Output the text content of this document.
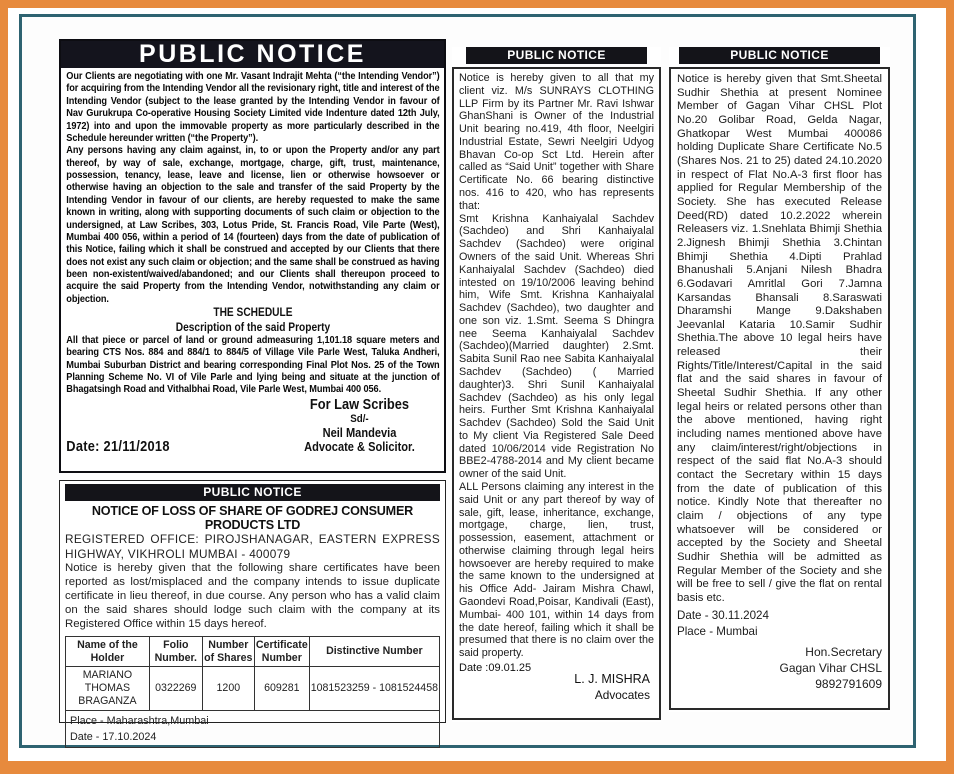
PUBLIC NOTICE

Our Clients are negotiating with one Mr. Vasant Indrajit Mehta (“the Intending Vendor”) for acquiring from the Intending Vendor all the revisionary right, title and interest of the Intending Vendor (subject to the lease granted by the Intending Vendor in favour of Nav Gurukrupa Co-operative Housing Society Limited vide Indenture dated 12th July, 1972) into and upon the immovable property as more particularly described in the Schedule hereunder written (“the Property”).

Any persons having any claim against, in, to or upon the Property and/or any part thereof, by way of sale, exchange, mortgage, charge, gift, trust, maintenance, possession, tenancy, lease, leave and license, lien or otherwise howsoever or otherwise having an objection to the sale and transfer of the said Property by the Intending Vendor in favour of our clients, are hereby requested to make the same known in writing, along with supporting documents of such claim or objection to the undersigned, at Law Scribes, 303, Lotus Pride, St. Francis Road, Vile Parte (West), Mumbai 400 056, within a period of 14 (fourteen) days from the date of publication of this Notice, failing which it shall be construed and accepted by our Clients that there does not exist any such claim or objection; and the same shall be construed as having been non-existent/waived/abandoned; and our Clients shall thereupon proceed to acquire the said Property from the Intending Vendor, notwithstanding any claim or objection.

THE SCHEDULE
Description of the said Property

All that piece or parcel of land or ground admeasuring 1,101.18 square meters and bearing CTS Nos. 884 and 884/1 to 884/5 of Village Vile Parle West, Taluka Andheri, Mumbai Suburban District and bearing corresponding Final Plot Nos. 25 of the Town Planning Scheme No. VI of Vile Parle and lying being and situate at the junction of Bhagatsingh Road and Vithalbhai Road, Vile Parle West, Mumbai 400 056.

Date: 21/11/2018
For Law Scribes
Sd/-
Neil Mandevia
Advocate & Solicitor.
PUBLIC NOTICE
NOTICE OF LOSS OF SHARE OF GODREJ CONSUMER PRODUCTS LTD
REGISTERED OFFICE: PIROJSHANAGAR, EASTERN EXPRESS HIGHWAY, VIKHROLI MUMBAI - 400079

Notice is hereby given that the following share certificates have been reported as lost/misplaced and the company intends to issue duplicate certificate in lieu thereof, in due course. Any person who has a valid claim on the said shares should lodge such claim with the company at its Registered Office within 15 days hereof.

Name of the Holder	Folio Number.	Number of Shares	Certificate Number	Distinctive Number
MARIANO THOMAS BRAGANZA	0322269	1200	609281	1081523259 - 1081524458

Place - Maharashtra,Mumbai
Date - 17.10.2024				
PUBLIC NOTICE

Notice is hereby given to all that my client viz. M/s SUNRAYS CLOTHING LLP Firm by its Partner Mr. Ravi Ishwar GhanShani is Owner of the Industrial Unit bearing no.419, 4th floor, Neelgiri Industrial Estate, Sewri Neelgiri Udyog Bhavan Co-op Sct Ltd. Herein after called as “Said Unit” together with Share Certificate No. 66 bearing distinctive nos. 416 to 420, who has represents that:

Smt Krishna Kanhaiyalal Sachdev (Sachdeo) and Shri Kanhaiyalal Sachdev (Sachdeo) were original Owners of the said Unit. Whereas Shri Kanhaiyalal Sachdev (Sachdeo) died intested on 19/10/2006 leaving behind him, Wife Smt. Krishna Kanhaiyalal Sachdev (Sachdeo), two daughter and one son viz. 1.Smt. Seema S Dhingra nee Seema Kanhaiyalal Sachdev (Sachdeo)(Married daughter) 2.Smt. Sabita Sunil Rao nee Sabita Kanhaiyalal Sachdev (Sachdeo) ( Married daughter)3. Shri Sunil Kanhaiyalal Sachdev (Sachdeo) as his only legal heirs. Further Smt Krishna Kanhaiyalal Sachdev (Sachdeo) Sold the Said Unit to My client Via Registered Sale Deed dated 10/06/2014 vide Registration No BBE2-4788-2014 and My client became owner of the said Unit.

ALL Persons claiming any interest in the said Unit or any part thereof by way of sale, gift, lease, inheritance, exchange, mortgage, charge, lien, trust, possession, easement, attachment or otherwise claiming through legal heirs howsoever are hereby required to make the same known to the undersigned at his Office Add- Jairam Mishra Chawl, Gaondevi Road,Poisar, Kandivali (East), Mumbai- 400 101, within 14 days from the date hereof, failing which it shall be presumed that there is no claim over the said property.

Date :09.01.25
L. J. MISHRA
Advocates
PUBLIC NOTICE

Notice is hereby given that Smt.Sheetal Sudhir Shethia at present Nominee Member of Gagan Vihar CHSL Plot No.20 Golibar Road, Gelda Nagar, Ghatkopar West Mumbai 400086 holding Duplicate Share Certificate No.5 (Shares Nos. 21 to 25) dated 24.10.2020 in respect of Flat No.A-3 first floor has applied for Regular Membership of the Society. She has executed Release Deed(RD) dated 10.2.2022 wherein Releasers viz. 1.Snehlata Bhimji Shethia 2.Jignesh Bhimji Shethia 3.Chintan Bhimji Shethia 4.Dipti Prahlad Bhanushali 5.Anjani Nilesh Bhadra 6.Godavari Amritlal Gori 7.Jamna Karsandas Bhansali 8.Saraswati Dharamshi Mange 9.Dakshaben Jeevanlal Kataria 10.Samir Sudhir Shethia.The above 10 legal heirs have released their Rights/Title/Interest/Capital in the said flat and the said shares in favour of Sheetal Sudhir Shethia. If any other legal heirs or related persons other than the above mentioned, having right including names mentioned above have any claim/interest/right/objections in respect of the said flat No.A-3 should contact the Secretary within 15 days from the date of publication of this notice. Kindly Note that thereafter no claim / objections of any type whatsoever will be considered or accepted by the Society and Sheetal Sudhir Shethia will be admitted as Regular Member of the Society and she will be free to sell / give the flat on rental basis etc.

Date - 30.11.2024
Place - Mumbai
Hon.Secretary
Gagan Vihar CHSL
9892791609
